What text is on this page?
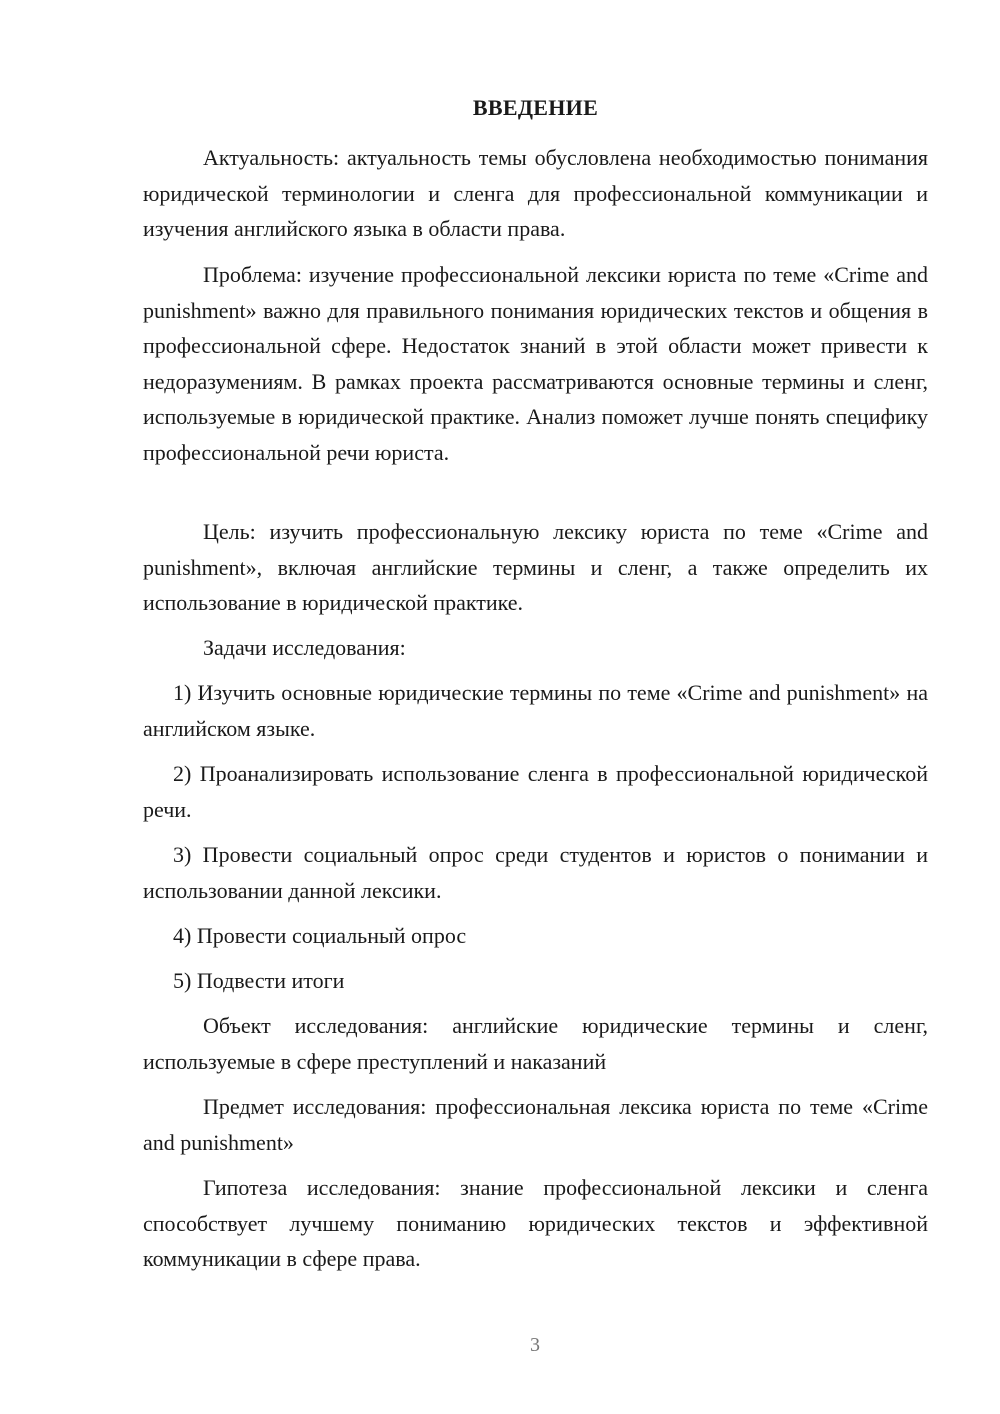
ВВЕДЕНИЕ
Актуальность: актуальность темы обусловлена необходимостью понимания юридической терминологии и сленга для профессиональной коммуникации и изучения английского языка в области права.
Проблема: изучение профессиональной лексики юриста по теме «Crime and punishment» важно для правильного понимания юридических текстов и общения в профессиональной сфере. Недостаток знаний в этой области может привести к недоразумениям. В рамках проекта рассматриваются основные термины и сленг, используемые в юридической практике. Анализ поможет лучше понять специфику профессиональной речи юриста.
Цель: изучить профессиональную лексику юриста по теме «Crime and punishment», включая английские термины и сленг, а также определить их использование в юридической практике.
Задачи исследования:
1) Изучить основные юридические термины по теме «Crime and punishment» на английском языке.
2) Проанализировать использование сленга в профессиональной юридической речи.
3) Провести социальный опрос среди студентов и юристов о понимании и использовании данной лексики.
4) Провести социальный опрос
5) Подвести итоги
Объект исследования: английские юридические термины и сленг, используемые в сфере преступлений и наказаний
Предмет исследования: профессиональная лексика юриста по теме «Crime and punishment»
Гипотеза исследования: знание профессиональной лексики и сленга способствует лучшему пониманию юридических текстов и эффективной коммуникации в сфере права.
3
